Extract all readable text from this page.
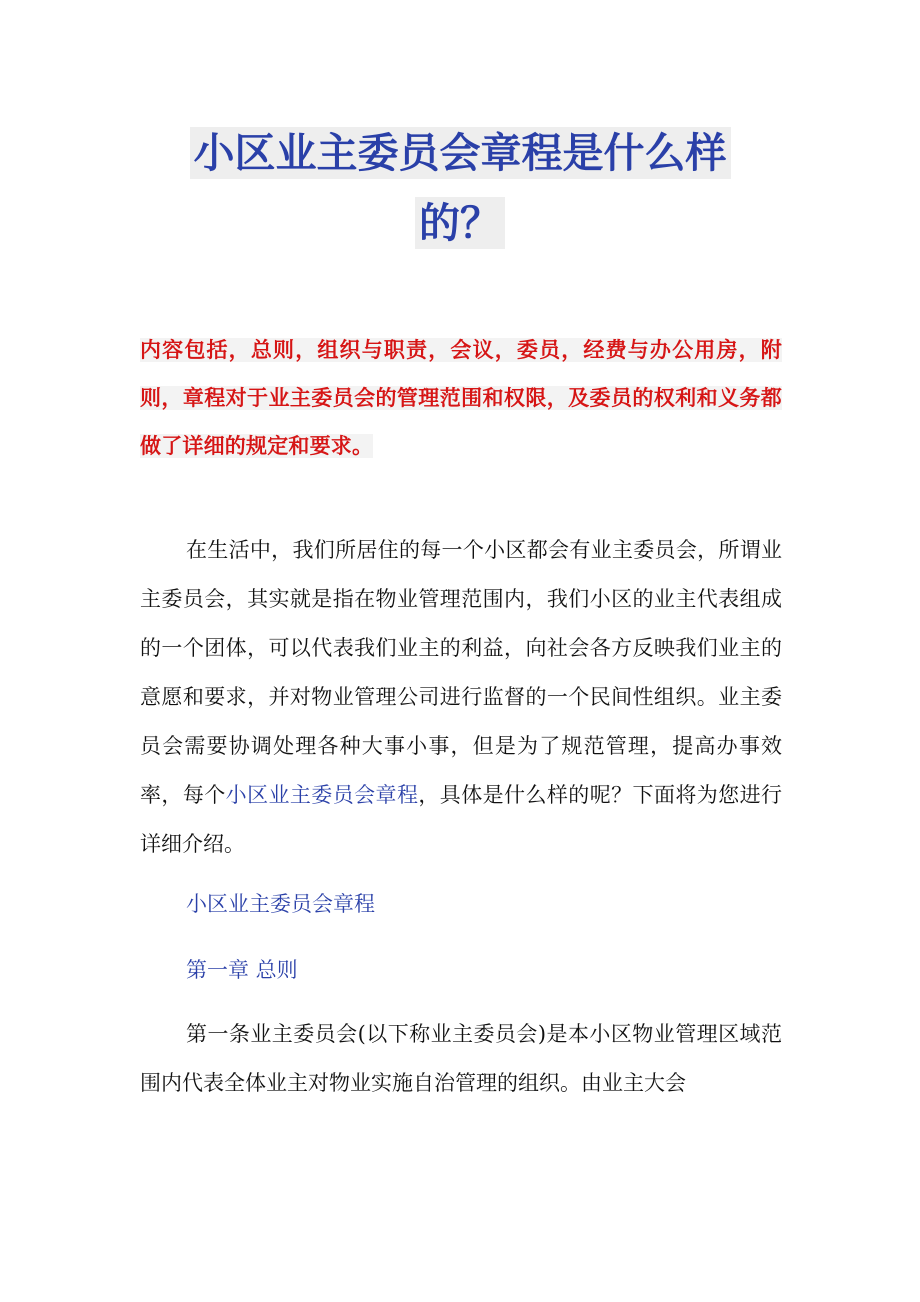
小区业主委员会章程是什么样
的？
内容包括，总则，组织与职责，会议，委员，经费与办公用房，附则，章程对于业主委员会的管理范围和权限，及委员的权利和义务都做了详细的规定和要求。

在生活中，我们所居住的每一个小区都会有业主委员会，所谓业主委员会，其实就是指在物业管理范围内，我们小区的业主代表组成的一个团体，可以代表我们业主的利益，向社会各方反映我们业主的意愿和要求，并对物业管理公司进行监督的一个民间性组织。业主委员会需要协调处理各种大事小事，但是为了规范管理，提高办事效率，每个小区业主委员会章程，具体是什么样的呢？下面将为您进行详细介绍。

小区业主委员会章程
第一章 总则

第一条业主委员会(以下称业主委员会)是本小区物业管理区域范围内代表全体业主对物业实施自治管理的组织。由业主大会
